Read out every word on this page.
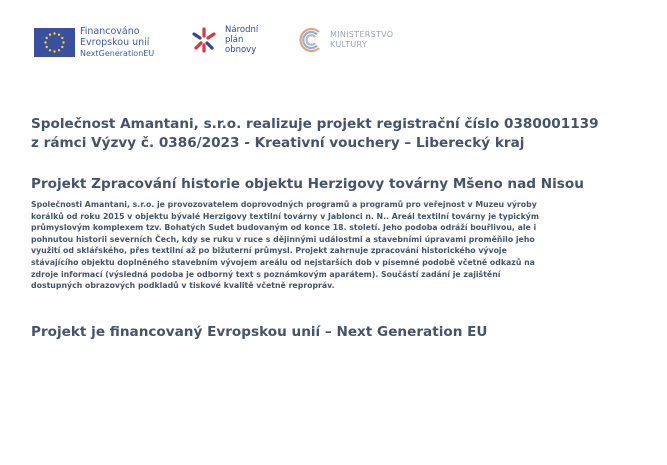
Financováno
Evropskou unií
NextGenerationEU
Národní
plán
obnovy
MINISTERSTVO
KULTURY
Společnost Amantani, s.r.o. realizuje projekt registrační číslo 0380001139
z rámci Výzvy č. 0386/2023 - Kreativní vouchery – Liberecký kraj
Projekt Zpracování historie objektu Herzigovy továrny Mšeno nad Nisou
Společnosti Amantani, s.r.o. je provozovatelem doprovodných programů a programů pro veřejnost v Muzeu výroby
korálků od roku 2015 v objektu bývalé Herzigovy textilní továrny v Jablonci n. N.. Areál textilní továrny je typickým
průmyslovým komplexem tzv. Bohatých Sudet budovaným od konce 18. století. Jeho podoba odráží bouřlivou, ale i
pohnutou historii severních Čech, kdy se ruku v ruce s dějinnými událostmi a stavebními úpravami proměňilo jeho
využití od sklářského, přes textilní až po bižuterní průmysl. Projekt zahrnuje zpracování historického vývoje
stávajícího objektu doplněného stavebním vývojem areálu od nejstarších dob v písemné podobě včetně odkazů na
zdroje informací (výsledná podoba je odborný text s poznámkovým aparátem). Součástí zadání je zajištění
dostupných obrazových podkladů v tiskové kvalitě včetně repropráv.
Projekt je financovaný Evropskou unií – Next Generation EU
